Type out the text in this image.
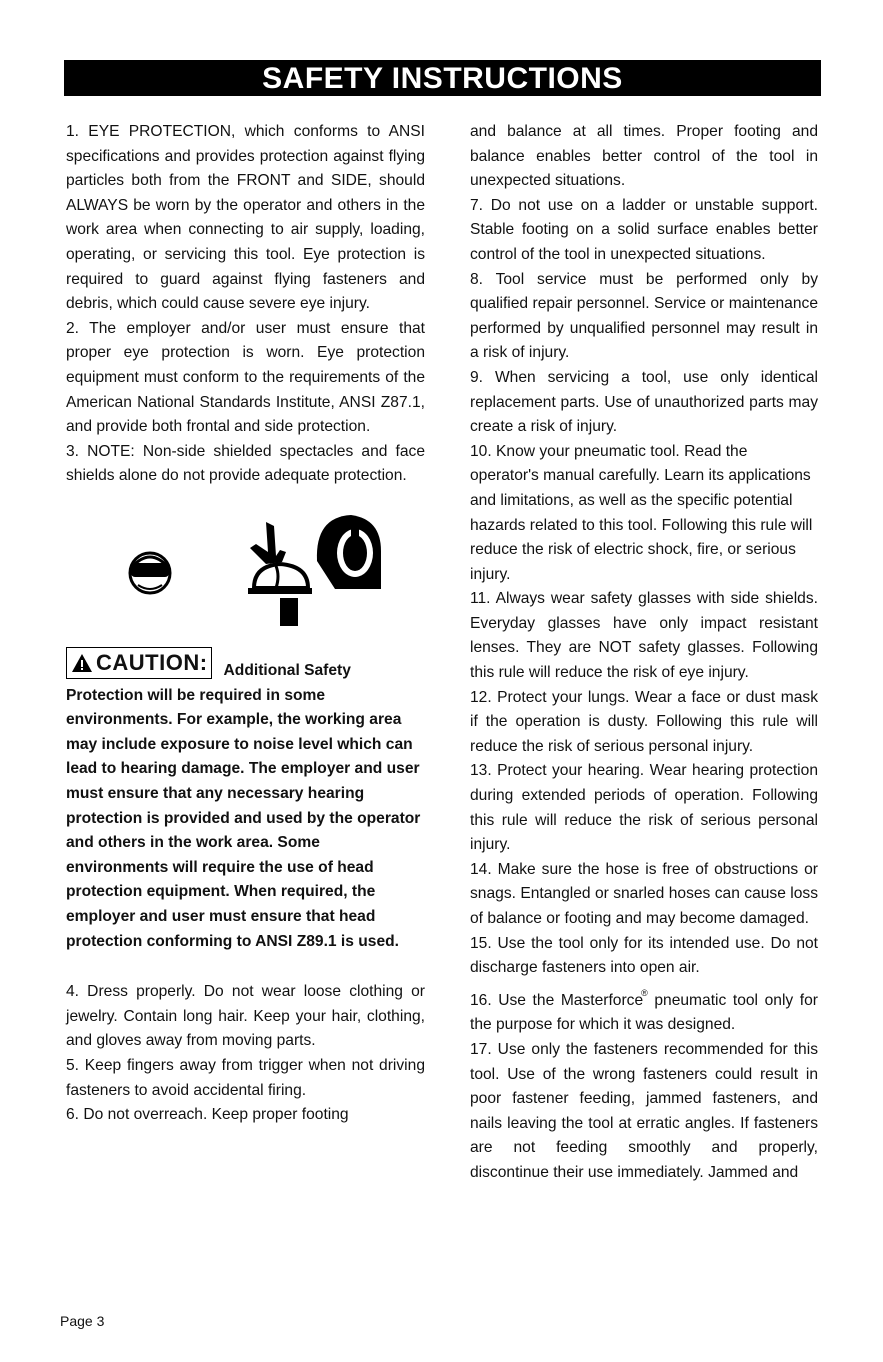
SAFETY INSTRUCTIONS

1. EYE PROTECTION, which conforms to ANSI specifications and provides protection against flying particles both from the FRONT and SIDE, should ALWAYS be worn by the operator and others in the work area when connecting to air supply, loading, operating, or servicing this tool. Eye protection is required to guard against flying fasteners and debris, which could cause severe eye injury.

2. The employer and/or user must ensure that proper eye protection is worn. Eye protection equipment must conform to the requirements of the American National Standards Institute, ANSI Z87.1, and provide both frontal and side protection.

3. NOTE: Non-side shielded spectacles and face shields alone do not provide adequate protection.

CAUTION: Additional Safety

Protection will be required in some environments. For example, the working area may include exposure to noise level which can lead to hearing damage. The employer and user must ensure that any necessary hearing protection is provided and used by the operator and others in the work area. Some environments will require the use of head protection equipment. When required, the employer and user must ensure that head protection conforming to ANSI Z89.1 is used.

4. Dress properly. Do not wear loose clothing or jewelry. Contain long hair. Keep your hair, clothing, and gloves away from moving parts.

5. Keep fingers away from trigger when not driving fasteners to avoid accidental firing.

6. Do not overreach. Keep proper footing

and balance at all times. Proper footing and balance enables better control of the tool in unexpected situations.

7. Do not use on a ladder or unstable support. Stable footing on a solid surface enables better control of the tool in unexpected situations.

8. Tool service must be performed only by qualified repair personnel. Service or maintenance performed by unqualified personnel may result in a risk of injury.

9. When servicing a tool, use only identical replacement parts. Use of unauthorized parts may create a risk of injury.

10. Know your pneumatic tool. Read the operator's manual carefully. Learn its applications and limitations, as well as the specific potential hazards related to this tool. Following this rule will reduce the risk of electric shock, fire, or serious injury.

11. Always wear safety glasses with side shields. Everyday glasses have only impact resistant lenses. They are NOT safety glasses. Following this rule will reduce the risk of eye injury.

12. Protect your lungs. Wear a face or dust mask if the operation is dusty. Following this rule will reduce the risk of serious personal injury.

13. Protect your hearing. Wear hearing protection during extended periods of operation. Following this rule will reduce the risk of serious personal injury.

14. Make sure the hose is free of obstructions or snags. Entangled or snarled hoses can cause loss of balance or footing and may become damaged.

15. Use the tool only for its intended use. Do not discharge fasteners into open air.

16. Use the Masterforce® pneumatic tool only for the purpose for which it was designed.

17. Use only the fasteners recommended for this tool. Use of the wrong fasteners could result in poor fastener feeding, jammed fasteners, and nails leaving the tool at erratic angles. If fasteners are not feeding smoothly and properly, discontinue their use immediately. Jammed and

Page 3
